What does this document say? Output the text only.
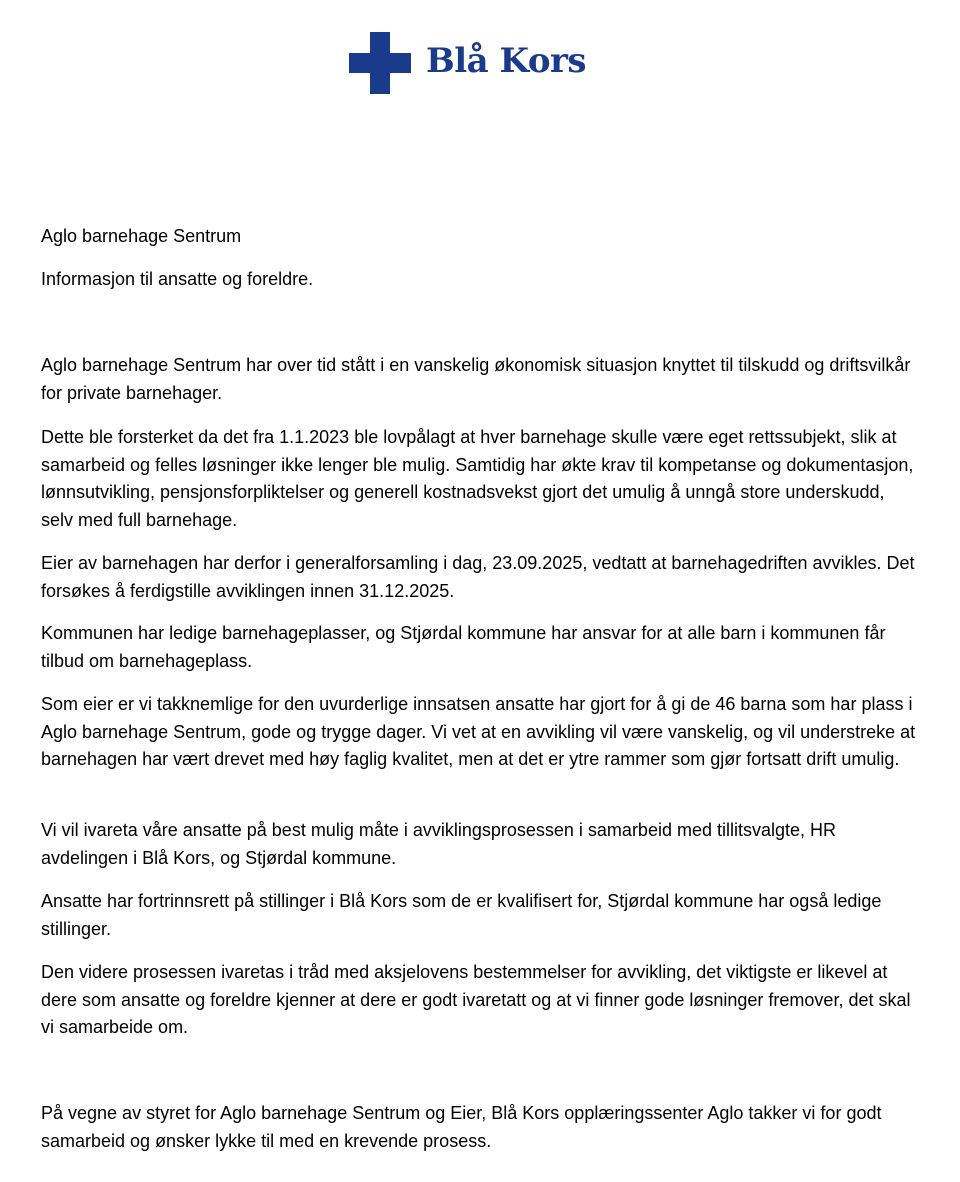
Blå Kors

Aglo barnehage Sentrum

Informasjon til ansatte og foreldre.

Aglo barnehage Sentrum har over tid stått i en vanskelig økonomisk situasjon knyttet til tilskudd og driftsvilkår for private barnehager.

Dette ble forsterket da det fra 1.1.2023 ble lovpålagt at hver barnehage skulle være eget rettssubjekt, slik at samarbeid og felles løsninger ikke lenger ble mulig. Samtidig har økte krav til kompetanse og dokumentasjon, lønnsutvikling, pensjonsforpliktelser og generell kostnadsvekst gjort det umulig å unngå store underskudd, selv med full barnehage.

Eier av barnehagen har derfor i generalforsamling i dag, 23.09.2025, vedtatt at barnehagedriften avvikles. Det forsøkes å ferdigstille avviklingen innen 31.12.2025.

Kommunen har ledige barnehageplasser, og Stjørdal kommune har ansvar for at alle barn i kommunen får tilbud om barnehageplass.

Som eier er vi takknemlige for den uvurderlige innsatsen ansatte har gjort for å gi de 46 barna som har plass i Aglo barnehage Sentrum, gode og trygge dager. Vi vet at en avvikling vil være vanskelig, og vil understreke at barnehagen har vært drevet med høy faglig kvalitet, men at det er ytre rammer som gjør fortsatt drift umulig.

Vi vil ivareta våre ansatte på best mulig måte i avviklingsprosessen i samarbeid med tillitsvalgte, HR avdelingen i Blå Kors, og Stjørdal kommune.

Ansatte har fortrinnsrett på stillinger i Blå Kors som de er kvalifisert for, Stjørdal kommune har også ledige stillinger.

Den videre prosessen ivaretas i tråd med aksjelovens bestemmelser for avvikling, det viktigste er likevel at dere som ansatte og foreldre kjenner at dere er godt ivaretatt og at vi finner gode løsninger fremover, det skal vi samarbeide om.

På vegne av styret for Aglo barnehage Sentrum og Eier, Blå Kors opplæringssenter Aglo takker vi for godt samarbeid og ønsker lykke til med en krevende prosess.
